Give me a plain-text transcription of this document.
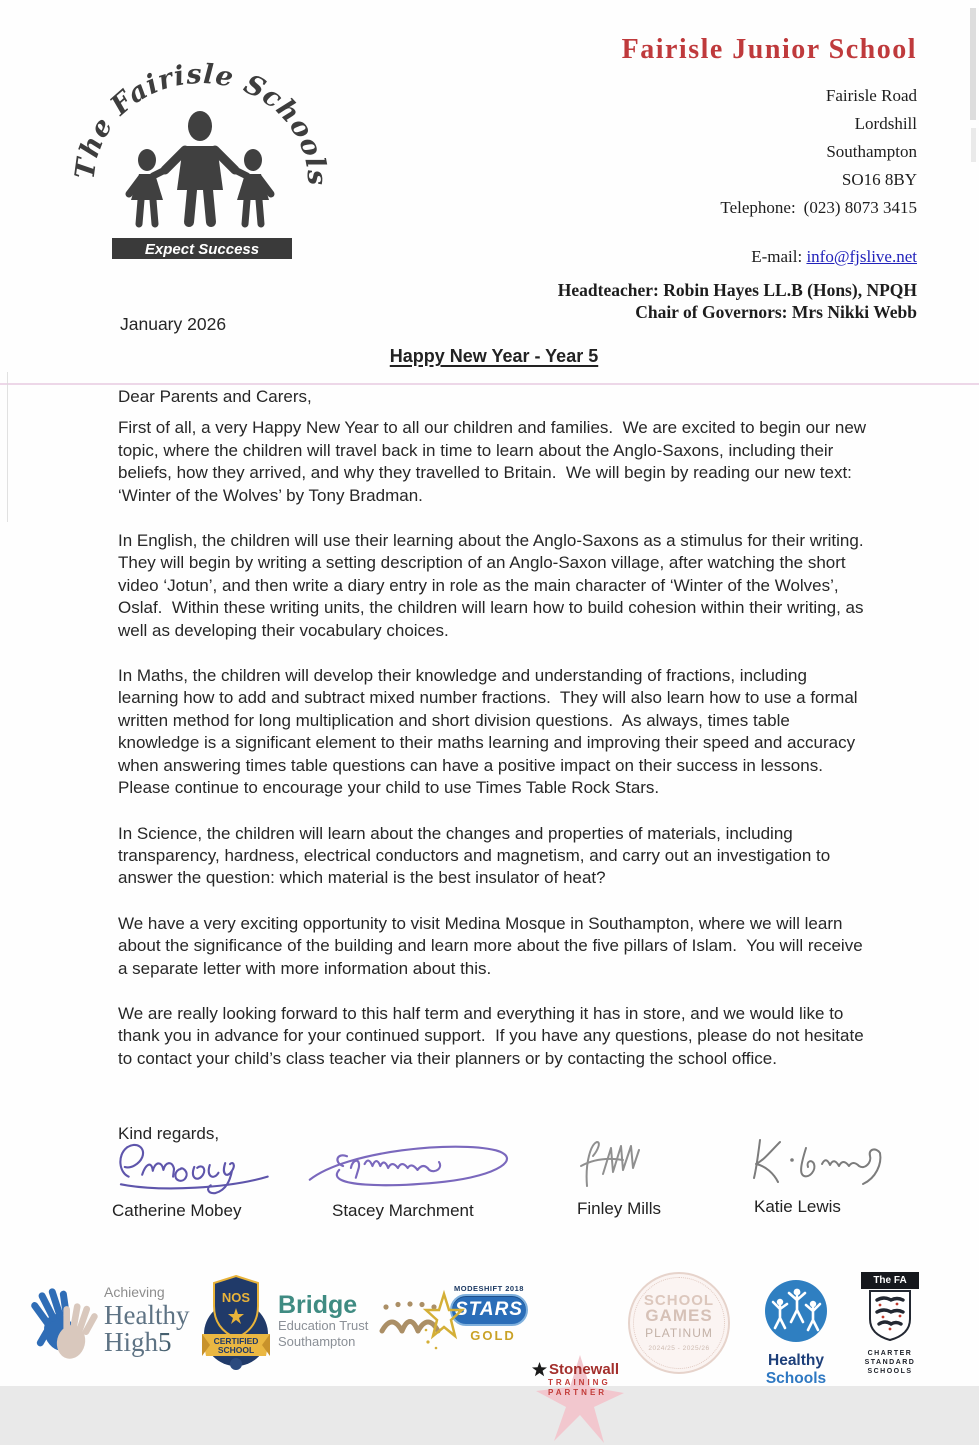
The Fairisle Schools
Expect Success
Fairisle Junior School
Fairisle Road
Lordshill
Southampton
SO16 8BY
Telephone: (023) 8073 3415
E-mail: info@fjslive.net
Headteacher: Robin Hayes LL.B (Hons), NPQH
Chair of Governors: Mrs Nikki Webb
January 2026
Happy New Year - Year 5
Dear Parents and Carers,

First of all, a very Happy New Year to all our children and families.  We are excited to begin our new topic, where the children will travel back in time to learn about the Anglo-Saxons, including their beliefs, how they arrived, and why they travelled to Britain.  We will begin by reading our new text: ‘Winter of the Wolves’ by Tony Bradman.

In English, the children will use their learning about the Anglo-Saxons as a stimulus for their writing.  They will begin by writing a setting description of an Anglo-Saxon village, after watching the short video ‘Jotun’, and then write a diary entry in role as the main character of ‘Winter of the Wolves’, Oslaf.  Within these writing units, the children will learn how to build cohesion within their writing, as well as developing their vocabulary choices.

In Maths, the children will develop their knowledge and understanding of fractions, including learning how to add and subtract mixed number fractions.  They will also learn how to use a formal written method for long multiplication and short division questions.  As always, times table knowledge is a significant element to their maths learning and improving their speed and accuracy when answering times table questions can have a positive impact on their success in lessons.  Please continue to encourage your child to use Times Table Rock Stars.

In Science, the children will learn about the changes and properties of materials, including transparency, hardness, electrical conductors and magnetism, and carry out an investigation to answer the question: which material is the best insulator of heat?

We have a very exciting opportunity to visit Medina Mosque in Southampton, where we will learn about the significance of the building and learn more about the five pillars of Islam.  You will receive a separate letter with more information about this.

We are really looking forward to this half term and everything it has in store, and we would like to thank you in advance for your continued support.  If you have any questions, please do not hesitate to contact your child’s class teacher via their planners or by contacting the school office.

Kind regards,
Catherine Mobey	Stacey Marchment	Finley Mills	Katie Lewis
Achieving
Healthy
High5
NOS
CERTIFIED
SCHOOL
Bridge
Education Trust
Southampton
MODESHIFT 2018
STARS
GOLD
Stonewall
TRAINING
PARTNER
SCHOOL
GAMES
PLATINUM
2024/25 - 2025/26
Healthy Schools
The FA
CHARTER
STANDARD
SCHOOLS
